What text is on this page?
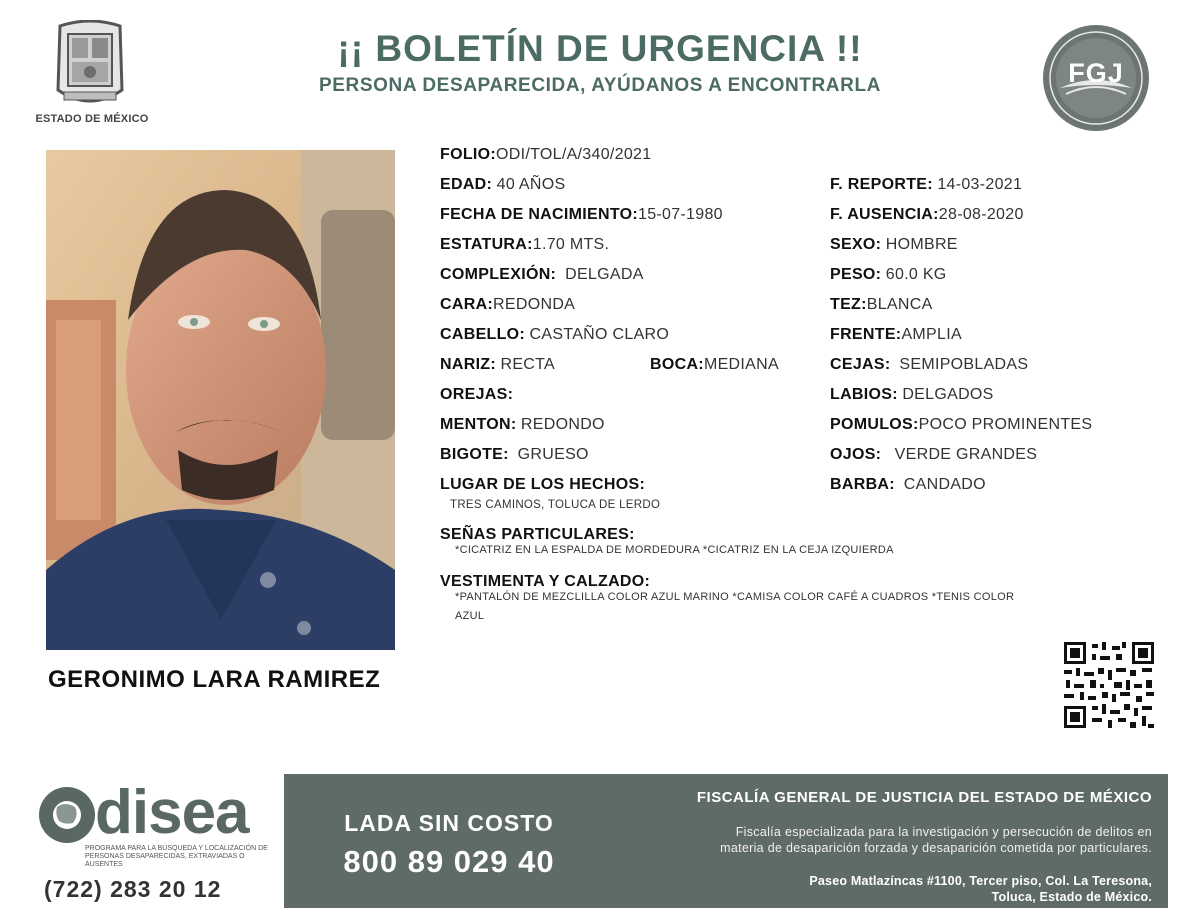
ESTADO DE MÉXICO
¡¡ BOLETÍN DE URGENCIA !!
PERSONA DESAPARECIDA, AYÚDANOS A ENCONTRARLA	FGJ
GERONIMO LARA RAMIREZ
FOLIO:ODI/TOL/A/340/2021
EDAD: 40 AÑOS	F. REPORTE: 14-03-2021
FECHA DE NACIMIENTO:15-07-1980	F. AUSENCIA:28-08-2020
ESTATURA:1.70 MTS.	SEXO: HOMBRE
COMPLEXIÓN: DELGADA	PESO: 60.0 KG
CARA:REDONDA	TEZ:BLANCA
CABELLO: CASTAÑO CLARO	FRENTE:AMPLIA
NARIZ: RECTA	BOCA:MEDIANA	CEJAS: SEMIPOBLADAS
OREJAS:	LABIOS: DELGADOS
MENTON: REDONDO	POMULOS:POCO PROMINENTES
BIGOTE: GRUESO	OJOS: VERDE GRANDES
LUGAR DE LOS HECHOS:
TRES CAMINOS, TOLUCA DE LERDO
BARBA: CANDADO
SEÑAS PARTICULARES:
*CICATRIZ EN LA ESPALDA DE MORDEDURA *CICATRIZ EN LA CEJA IZQUIERDA
VESTIMENTA Y CALZADO:
*PANTALÓN DE MEZCLILLA COLOR AZUL MARINO *CAMISA COLOR CAFÉ A CUADROS *TENIS COLOR AZUL
disea
PROGRAMA PARA LA BÚSQUEDA Y LOCALIZACIÓN DE PERSONAS DESAPARECIDAS, EXTRAVIADAS O AUSENTES
(722) 283 20 12
LADA SIN COSTO
800 89 029 40
FISCALÍA GENERAL DE JUSTICIA DEL ESTADO DE MÉXICO
Fiscalía especializada para la investigación y persecución de delitos en
materia de desaparición forzada y desaparición cometida por particulares.
Paseo Matlazíncas #1100, Tercer piso, Col. La Teresona,
Toluca, Estado de México.
